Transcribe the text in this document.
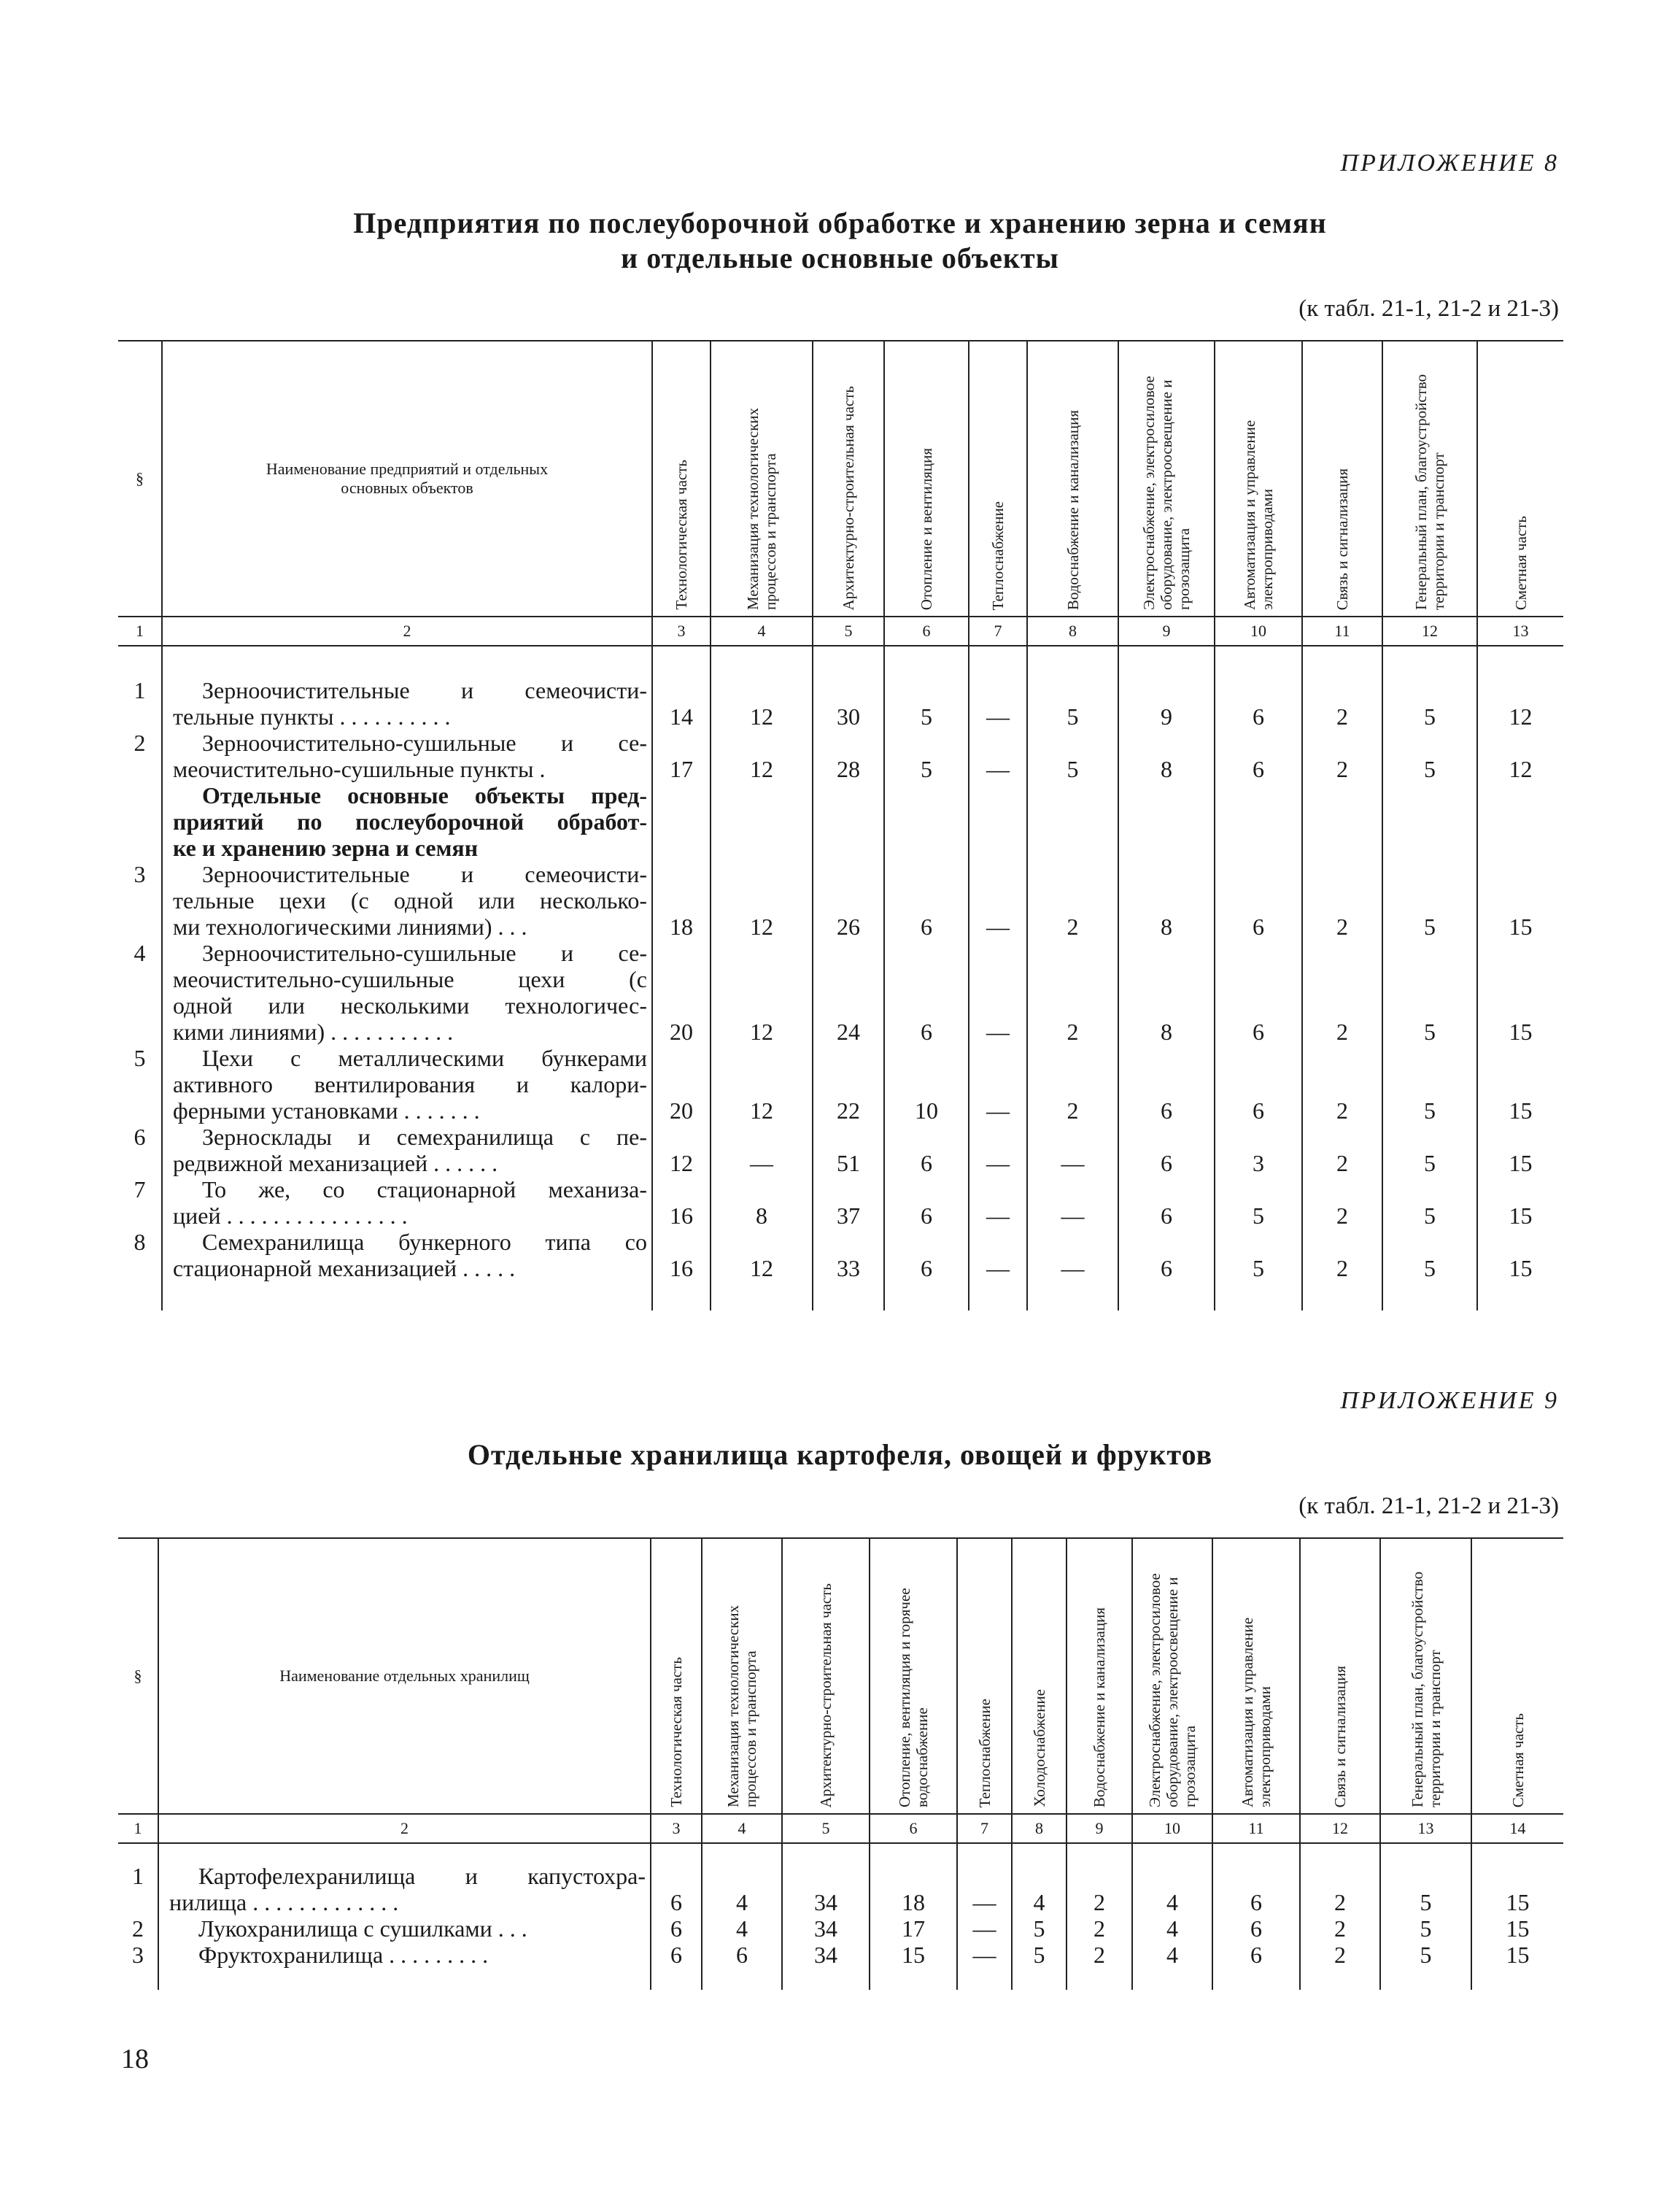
ПРИЛОЖЕНИЕ 8
Предприятия по послеуборочной обработке и хранению зерна и семян
и отдельные основные объекты
(к табл. 21-1, 21-2 и 21-3)
§	Наименование предприятий и отдельных основных объектов	Технологическая часть	Механизация технологических процессов и транспорта	Архитектурно-строительная часть	Отопление и вентиляция	Теплоснабжение	Водоснабжение и канализация	Электроснабжение, электросиловое оборудование, электроосвещение и грозозащита	Автоматизация и управление электроприводами	Связь и сигнализация	Генеральный план, благоустройство территории и транспорт	Сметная часть

1	2	3	4	5	6	7	8	9	10	11	12	13
1	Зерноочистительные и семеочисти-
тельные пункты . . . . . . . . . .	14	12	30	5	—	5	9	6	2	5	12
2	Зерноочистительно-сушильные и се-
меочистительно-сушильные пункты .	17	12	28	5	—	5	8	6	2	5	12

	Отдельные основные объекты пред-
приятий по послеуборочной обработ-
ке и хранению зерна и семян											

3	Зерноочистительные и семеочисти-
тельные цехи (с одной или несколько-
ми технологическими линиями) . . .	18	12	26	6	—	2	8	6	2	5	15
4	Зерноочистительно-сушильные и се-
меочистительно-сушильные цехи (с
одной или несколькими технологичес-
кими линиями) . . . . . . . . . . .	20	12	24	6	—	2	8	6	2	5	15
5	Цехи с металлическими бункерами
активного вентилирования и калори-
ферными установками . . . . . . .	20	12	22	10	—	2	6	6	2	5	15
6	Зерносклады и семехранилища с пе-
редвижной механизацией . . . . . .	12	—	51	6	—	—	6	3	2	5	15
7	То же, со стационарной механиза-
цией . . . . . . . . . . . . . . . .	16	8	37	6	—	—	6	5	2	5	15
8	Семехранилища бункерного типа со
стационарной механизацией . . . . .	16	12	33	6	—	—	6	5	2	5	15

ПРИЛОЖЕНИЕ 9
Отдельные хранилища картофеля, овощей и фруктов
(к табл. 21-1, 21-2 и 21-3)
§	Наименование отдельных хранилищ	Технологическая часть	Механизация технологических процессов и транспорта	Архитектурно-строительная часть	Отопление, вентиляция и горячее водоснабжение	Теплоснабжение	Холодоснабжение	Водоснабжение и канализация	Электроснабжение, электросиловое оборудование, электроосвещение и грозозащита	Автоматизация и управление электроприводами	Связь и сигнализация	Генеральный план, благоустройство территории и транспорт	Сметная часть

1	2	3	4	5	6	7	8	9	10	11	12	13	14
1	Картофелехранилища и капустохра-
нилища . . . . . . . . . . . . .	6	4	34	18	—	4	2	4	6	2	5	15
2	Лукохранилища с сушилками . . .	6	4	34	17	—	5	2	4	6	2	5	15
3	Фруктохранилища . . . . . . . . .	6	6	34	15	—	5	2	4	6	2	5	15

18
